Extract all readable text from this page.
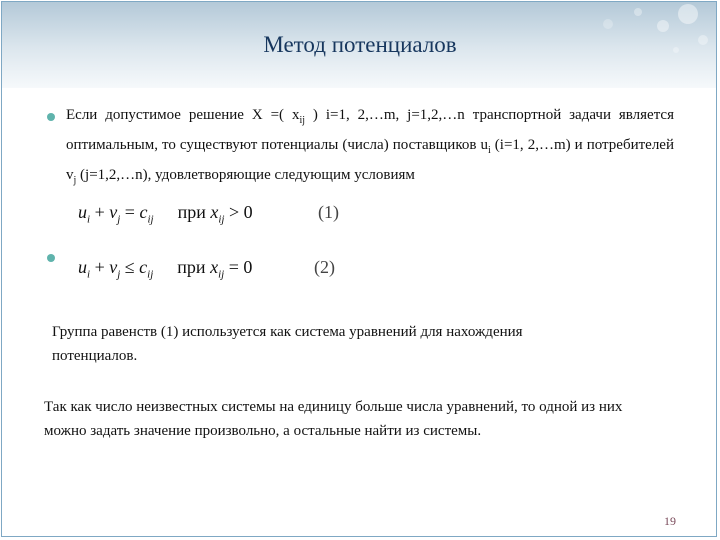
Метод потенциалов
Если допустимое решение X =( $x_{ij}$ ) i=1, 2,…m, j=1,2,…n транспортной задачи является оптимальным, то существуют потенциалы (числа) поставщиков $u_i$ (i=1, 2,…m) и потребителей $v_j$ (j=1,2,…n), удовлетворяющие следующим условиям
$u_i + v_j = c_{ij}$ при $x_{ij} > 0$	(1)
$u_i + v_j \le c_{ij}$ при $x_{ij} = 0$	(2)
Группа равенств (1) используется как система уравнений для нахождения потенциалов.
Так как число неизвестных системы на единицу больше числа уравнений, то одной из них можно задать значение произвольно, а остальные найти из системы.
19
